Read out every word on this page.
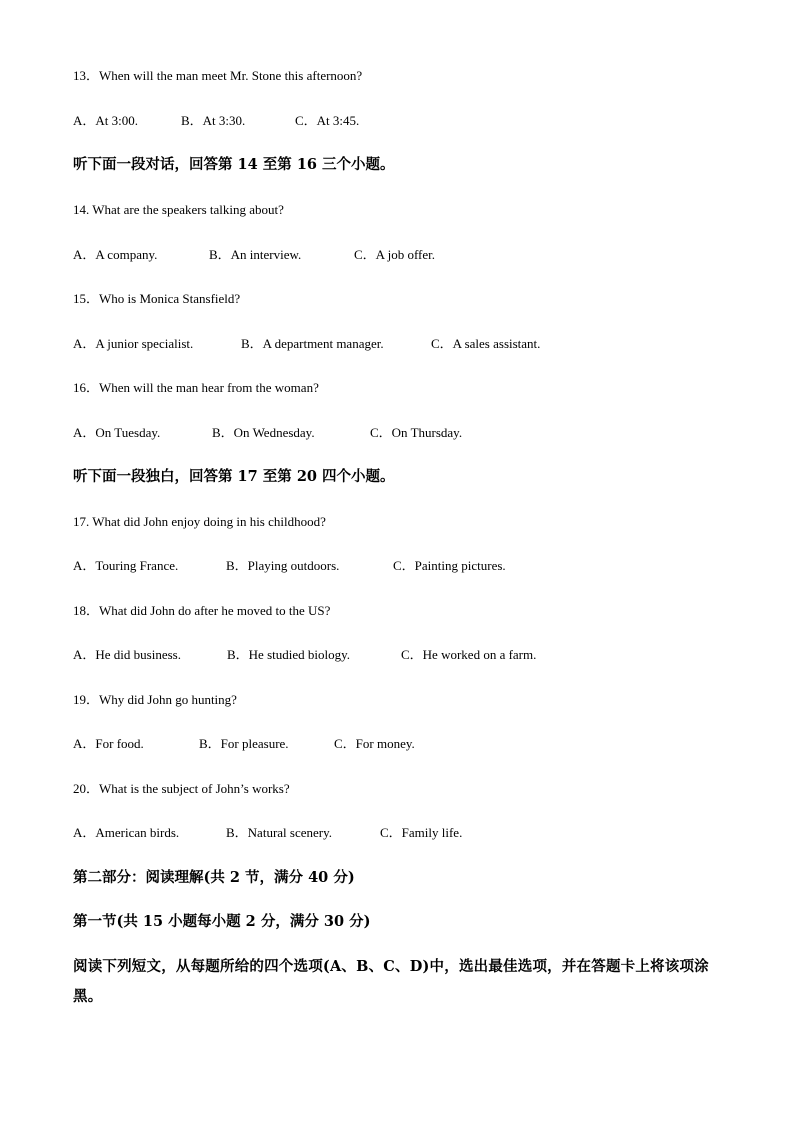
13．When will the man meet Mr. Stone this afternoon?
A．At 3:00.	B．At 3:30.	C．At 3:45.
听下面一段对话，回答第 14 至第 16 三个小题。
14. What are the speakers talking about?
A．A company.	B．An interview.	C．A job offer.
15．Who is Monica Stansfield?
A．A junior specialist.	B．A department manager.	C．A sales assistant.
16．When will the man hear from the woman?
A．On Tuesday.	B．On Wednesday.	C．On Thursday.
听下面一段独白，回答第 17 至第 20 四个小题。
17. What did John enjoy doing in his childhood?
A．Touring France.	B．Playing outdoors.	C．Painting pictures.
18．What did John do after he moved to the US?
A．He did business.	B．He studied biology.	C．He worked on a farm.
19．Why did John go hunting?
A．For food.	B．For pleasure.	C．For money.
20．What is the subject of John’s works?
A．American birds.	B．Natural scenery.	C．Family life.
第二部分：阅读理解(共 2 节，满分 40 分)
第一节(共 15 小题每小题 2 分，满分 30 分)
阅读下列短文，从每题所给的四个选项(A、B、C、D)中，选出最佳选项，并在答题卡上将该项涂黑。
